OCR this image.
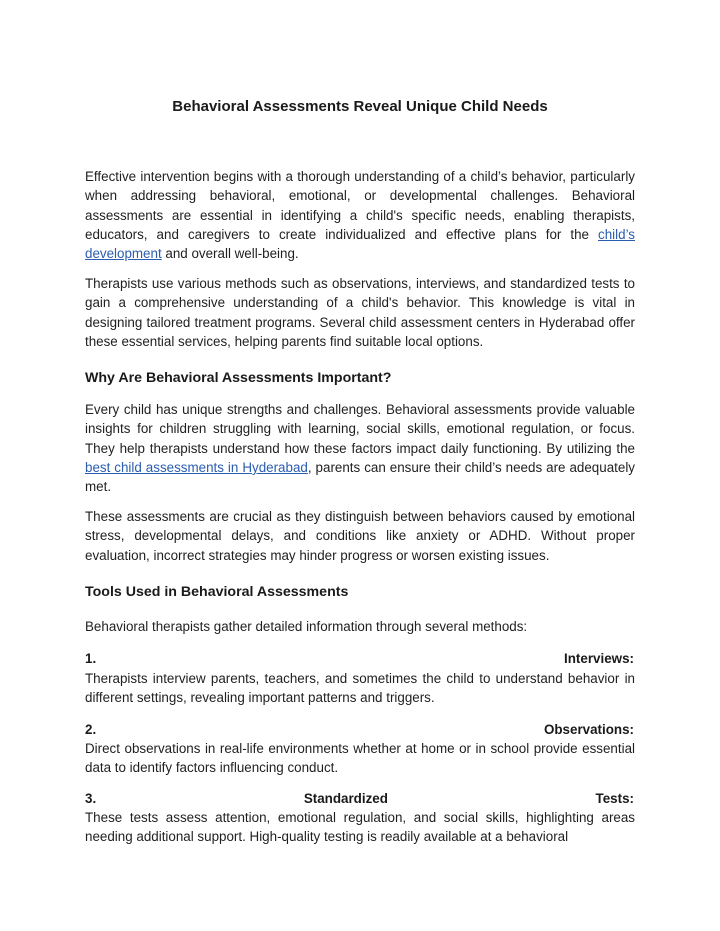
Behavioral Assessments Reveal Unique Child Needs
Effective intervention begins with a thorough understanding of a child’s behavior, particularly when addressing behavioral, emotional, or developmental challenges. Behavioral assessments are essential in identifying a child's specific needs, enabling therapists, educators, and caregivers to create individualized and effective plans for the child’s development and overall well-being.
Therapists use various methods such as observations, interviews, and standardized tests to gain a comprehensive understanding of a child's behavior. This knowledge is vital in designing tailored treatment programs. Several child assessment centers in Hyderabad offer these essential services, helping parents find suitable local options.
Why Are Behavioral Assessments Important?
Every child has unique strengths and challenges. Behavioral assessments provide valuable insights for children struggling with learning, social skills, emotional regulation, or focus. They help therapists understand how these factors impact daily functioning. By utilizing the best child assessments in Hyderabad, parents can ensure their child’s needs are adequately met.
These assessments are crucial as they distinguish between behaviors caused by emotional stress, developmental delays, and conditions like anxiety or ADHD. Without proper evaluation, incorrect strategies may hinder progress or worsen existing issues.
Tools Used in Behavioral Assessments
Behavioral therapists gather detailed information through several methods:
1.	Interviews:
Therapists interview parents, teachers, and sometimes the child to understand behavior in different settings, revealing important patterns and triggers.
2.	Observations:
Direct observations in real-life environments whether at home or in school provide essential data to identify factors influencing conduct.
3.	Standardized	Tests:
These tests assess attention, emotional regulation, and social skills, highlighting areas needing additional support. High-quality testing is readily available at a behavioral
